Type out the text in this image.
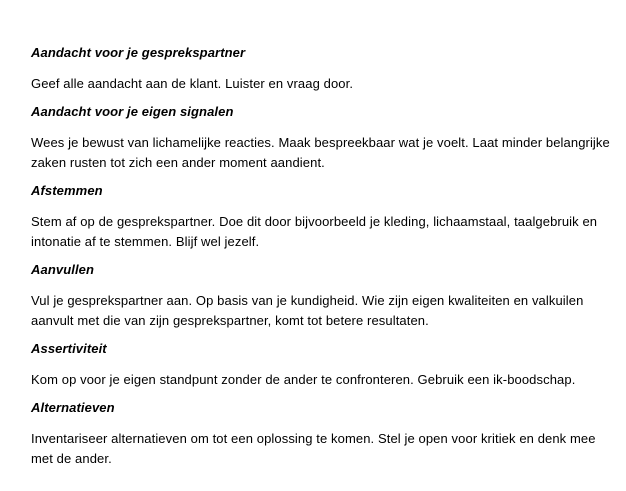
Aandacht voor je gesprekspartner

Geef alle aandacht aan de klant. Luister en vraag door.

Aandacht voor je eigen signalen

Wees je bewust van lichamelijke reacties. Maak bespreekbaar wat je voelt. Laat minder belangrijke zaken rusten tot zich een ander moment aandient.

Afstemmen

Stem af op de gesprekspartner. Doe dit door bijvoorbeeld je kleding, lichaamstaal, taalgebruik en intonatie af te stemmen. Blijf wel jezelf.

Aanvullen

Vul je gesprekspartner aan. Op basis van je kundigheid. Wie zijn eigen kwaliteiten en valkuilen aanvult met die van zijn gesprekspartner, komt tot betere resultaten.

Assertiviteit

Kom op voor je eigen standpunt zonder de ander te confronteren. Gebruik een ik-boodschap.

Alternatieven

Inventariseer alternatieven om tot een oplossing te komen. Stel je open voor kritiek en denk mee met de ander.
